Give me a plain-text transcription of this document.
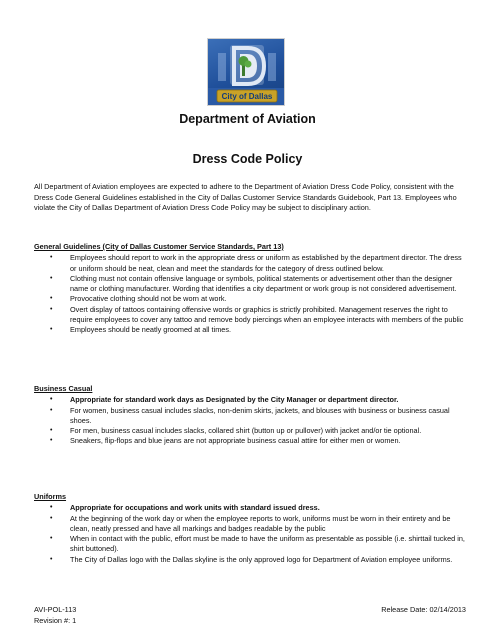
City of Dallas
Department of Aviation
Dress Code Policy

All Department of Aviation employees are expected to adhere to the Department of Aviation Dress Code Policy, consistent with the Dress Code General Guidelines established in the City of Dallas Customer Service Standards Guidebook, Part 13. Employees who violate the City of Dallas Department of Aviation Dress Code Policy may be subject to disciplinary action.

General Guidelines (City of Dallas Customer Service Standards, Part 13)
• Employees should report to work in the appropriate dress or uniform as established by the department director. The dress or uniform should be neat, clean and meet the standards for the category of dress outlined below.
• Clothing must not contain offensive language or symbols, political statements or advertisement other than the designer name or clothing manufacturer. Wording that identifies a city department or work group is not considered advertisement.
• Provocative clothing should not be worn at work.
• Overt display of tattoos containing offensive words or graphics is strictly prohibited. Management reserves the right to require employees to cover any tattoo and remove body piercings when an employee interacts with members of the public
• Employees should be neatly groomed at all times.
Business Casual
• Appropriate for standard work days as Designated by the City Manager or department director.
• For women, business casual includes slacks, non-denim skirts, jackets, and blouses with business or business casual shoes.
• For men, business casual includes slacks, collared shirt (button up or pullover) with jacket and/or tie optional.
• Sneakers, flip-flops and blue jeans are not appropriate business casual attire for either men or women.
Uniforms
• Appropriate for occupations and work units with standard issued dress.
• At the beginning of the work day or when the employee reports to work, uniforms must be worn in their entirety and be clean, neatly pressed and have all markings and badges readable by the public
• When in contact with the public, effort must be made to have the uniform as presentable as possible (i.e. shirttail tucked in, shirt buttoned).
• The City of Dallas logo with the Dallas skyline is the only approved logo for Department of Aviation employee uniforms.
AVI-POL-113
Revision #: 1
Release Date: 02/14/2013
